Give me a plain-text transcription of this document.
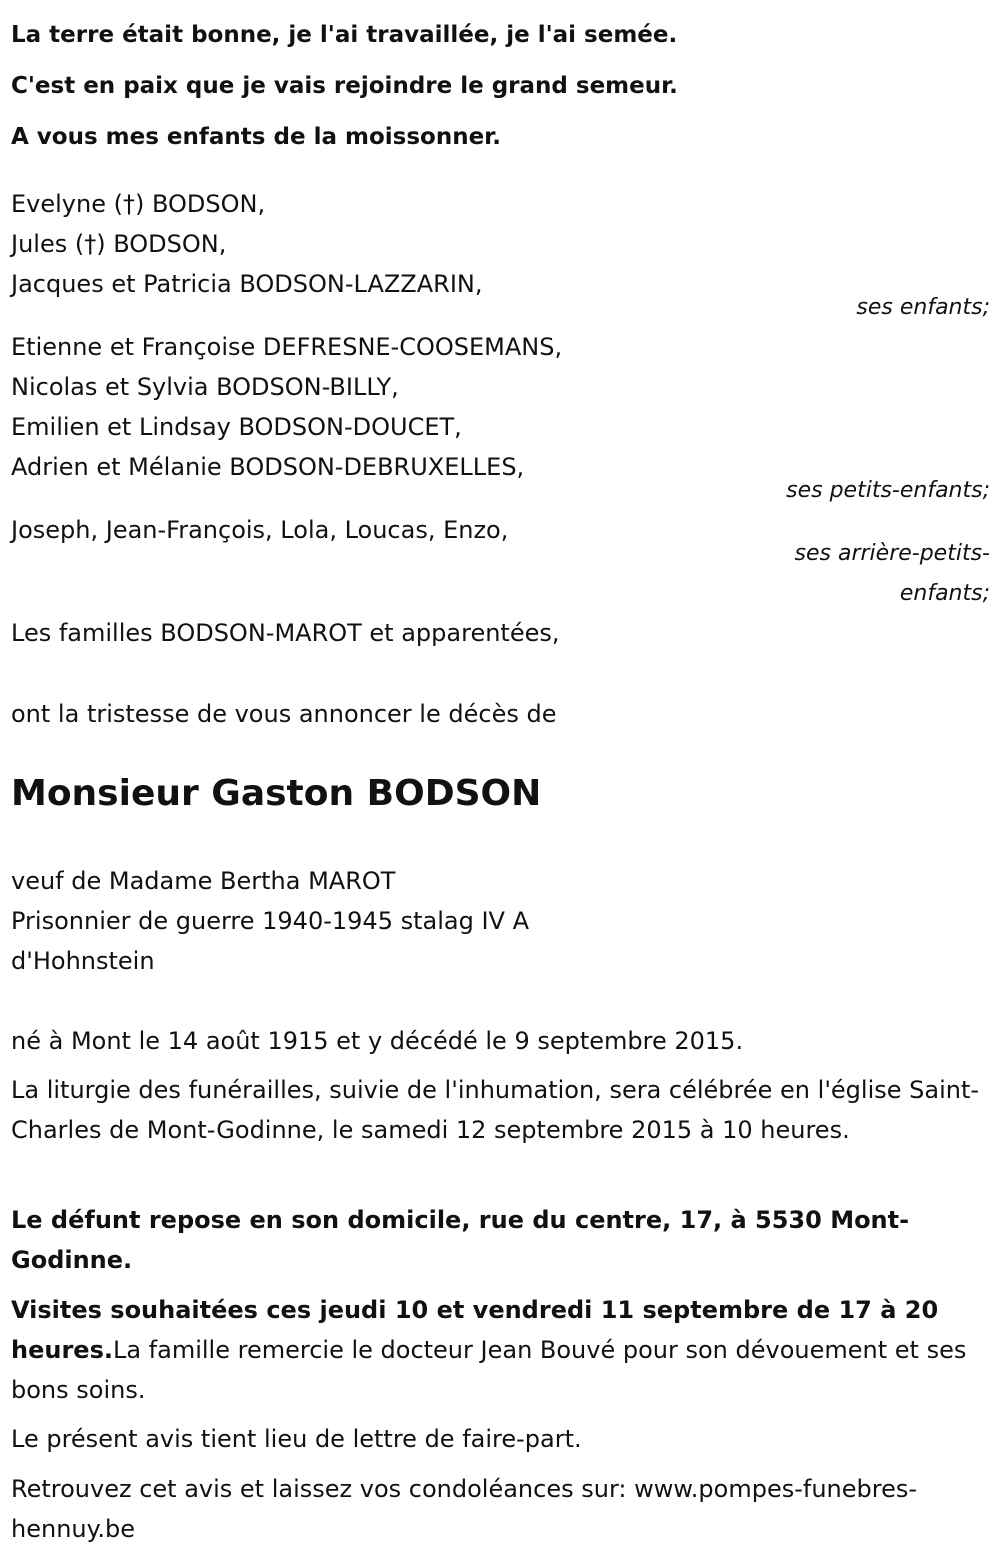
La terre était bonne, je l'ai travaillée, je l'ai semée.
C'est en paix que je vais rejoindre le grand semeur.
A vous mes enfants de la moissonner.
Evelyne (†) BODSON,
Jules (†) BODSON,
Jacques et Patricia BODSON-LAZZARIN,
ses enfants;
Etienne et Françoise DEFRESNE-COOSEMANS,
Nicolas et Sylvia BODSON-BILLY,
Emilien et Lindsay BODSON-DOUCET,
Adrien et Mélanie BODSON-DEBRUXELLES,
ses petits-enfants;
Joseph, Jean-François, Lola, Loucas, Enzo,
ses arrière-petits-
enfants;
Les familles BODSON-MAROT et apparentées,
ont la tristesse de vous annoncer le décès de
Monsieur Gaston BODSON
veuf de Madame Bertha MAROT
Prisonnier de guerre 1940-1945 stalag IV A
d'Hohnstein
né à Mont le 14 août 1915 et y décédé le 9 septembre 2015.
La liturgie des funérailles, suivie de l'inhumation, sera célébrée en l'église Saint-Charles de Mont-Godinne, le samedi 12 septembre 2015 à 10 heures.
Le défunt repose en son domicile, rue du centre, 17, à 5530 Mont-Godinne.
Visites souhaitées ces jeudi 10 et vendredi 11 septembre de 17 à 20 heures.La famille remercie le docteur Jean Bouvé pour son dévouement et ses bons soins.
Le présent avis tient lieu de lettre de faire-part.
Retrouvez cet avis et laissez vos condoléances sur: www.pompes-funebres-hennuy.be
